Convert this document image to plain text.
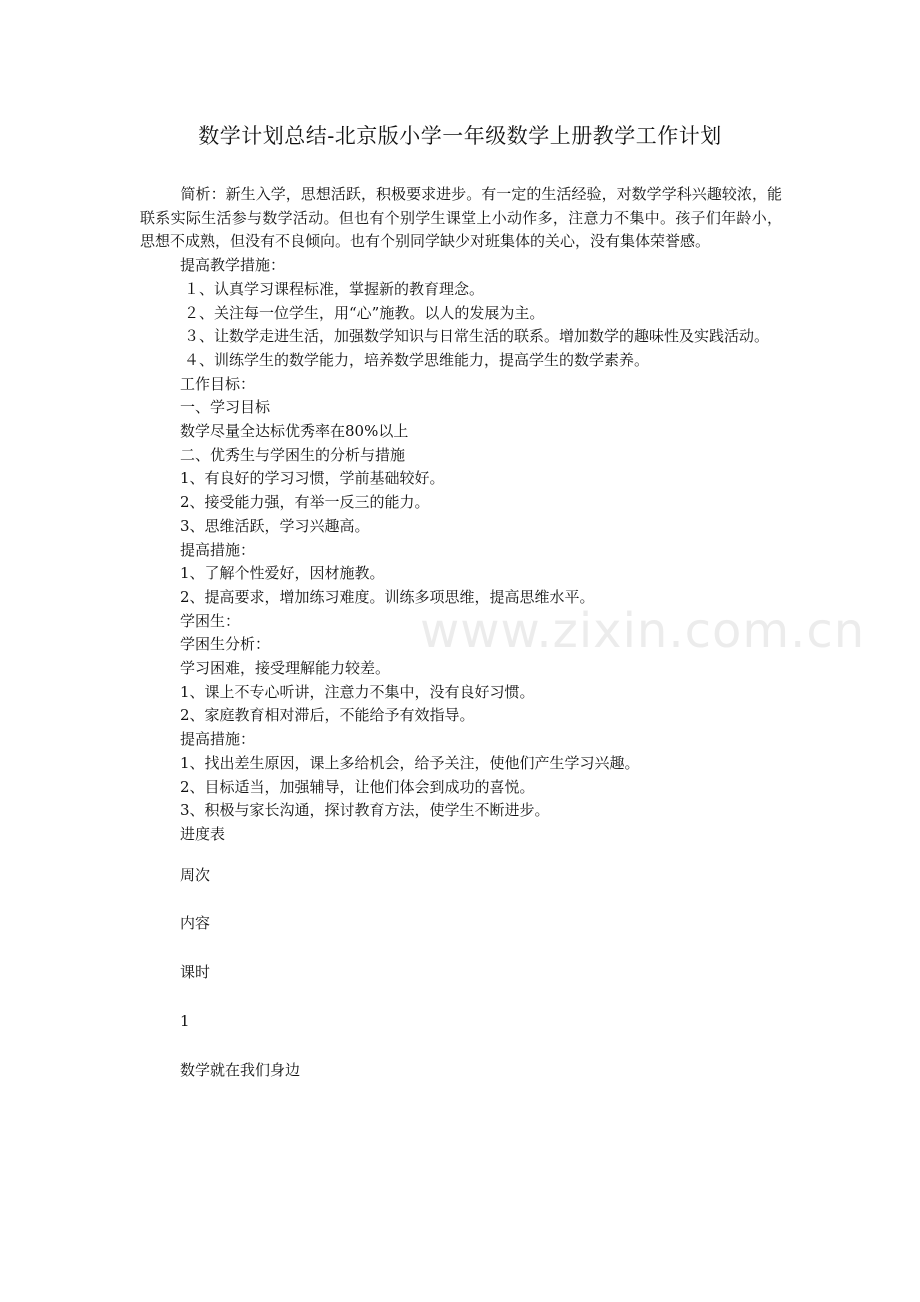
数学计划总结-北京版小学一年级数学上册教学工作计划

简析：新生入学，思想活跃，积极要求进步。有一定的生活经验，对数学学科兴趣较浓，能联系实际生活参与数学活动。但也有个别学生课堂上小动作多，注意力不集中。孩子们年龄小，思想不成熟，但没有不良倾向。也有个别同学缺少对班集体的关心，没有集体荣誉感。

提高教学措施：

１、认真学习课程标准，掌握新的教育理念。

２、关注每一位学生，用“心”施教。以人的发展为主。

３、让数学走进生活，加强数学知识与日常生活的联系。增加数学的趣味性及实践活动。

４、训练学生的数学能力，培养数学思维能力，提高学生的数学素养。

工作目标：

一、学习目标

数学尽量全达标优秀率在80%以上

二、优秀生与学困生的分析与措施

1、有良好的学习习惯，学前基础较好。

2、接受能力强，有举一反三的能力。

3、思维活跃，学习兴趣高。

提高措施：

1、了解个性爱好，因材施教。

2、提高要求，增加练习难度。训练多项思维，提高思维水平。

学困生：

学困生分析：

学习困难，接受理解能力较差。

1、课上不专心听讲，注意力不集中，没有良好习惯。

2、家庭教育相对滞后，不能给予有效指导。

提高措施：

1、找出差生原因，课上多给机会，给予关注，使他们产生学习兴趣。

2、目标适当，加强辅导，让他们体会到成功的喜悦。

3、积极与家长沟通，探讨教育方法，使学生不断进步。

进度表

周次

内容

课时

1

数学就在我们身边

www.zixin.com.cn
